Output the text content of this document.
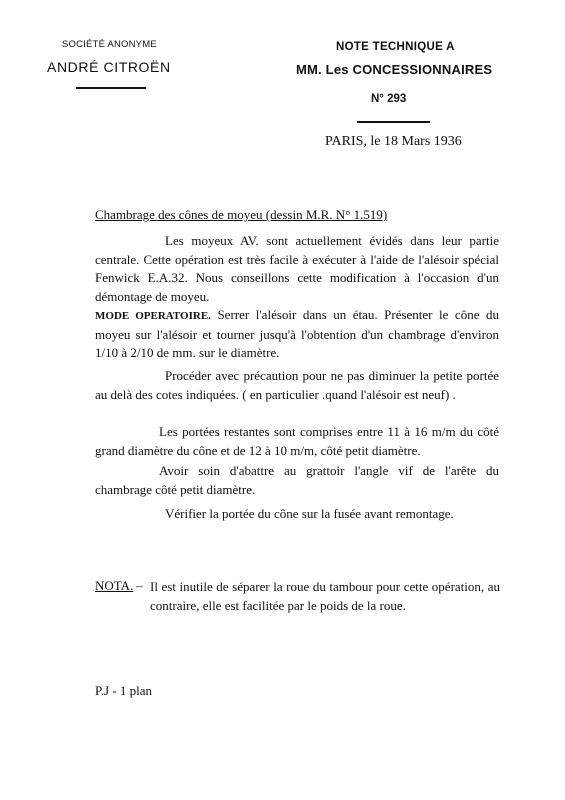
SOCIÉTÉ ANONYME
ANDRÉ CITROËN
NOTE TECHNIQUE A
MM. Les CONCESSIONNAIRES
N° 293
PARIS, le 18 Mars 1936
Chambrage des cônes de moyeu (dessin M.R. N° 1.519)
Les moyeux AV. sont actuellement évidés dans leur partie centrale. Cette opération est très facile à exécuter à l'aide de l'alésoir spécial Fenwick E.A.32. Nous conseillons cette modification à l'occasion d'un démontage de moyeu.
MODE OPERATOIRE. Serrer l'alésoir dans un étau. Présenter le cône du moyeu sur l'alésoir et tourner jusqu'à l'obtention d'un chambrage d'environ 1/10 à 2/10 de mm. sur le diamètre.
Procéder avec précaution pour ne pas diminuer la petite portée au delà des cotes indiquées. ( en particulier .quand l'alésoir est neuf) .
Les portées restantes sont comprises entre 11 à 16 m/m du côté grand diamètre du cône et de 12 à 10 m/m, côté petit diamètre.
Avoir soin d'abattre au grattoir l'angle vif de l'arête du chambrage côté petit diamètre.
Vérifier la portée du cône sur la fusée avant remontage.
NOTA. – Il est inutile de séparer la roue du tambour pour cette opération, au contraire, elle est facilitée par le poids de la roue.
P.J - 1 plan
